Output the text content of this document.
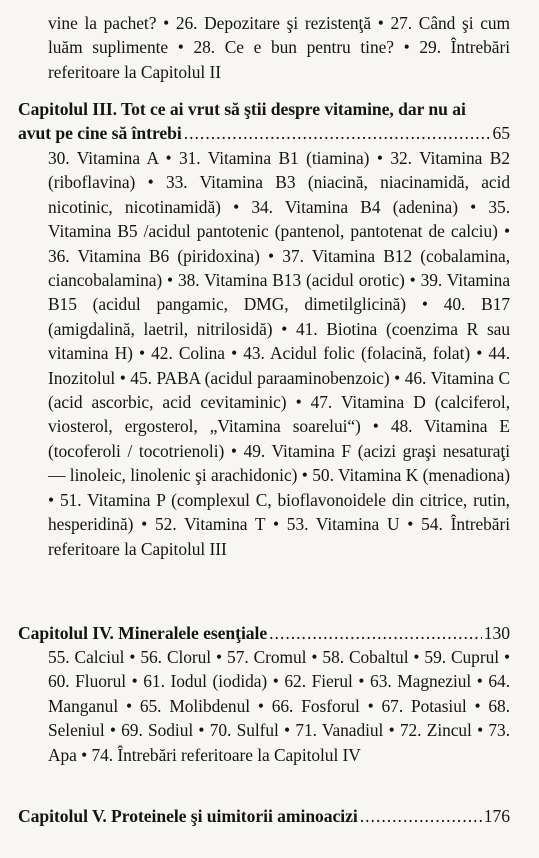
vine la pachet? • 26. Depozitare şi rezistenţă • 27. Când şi cum luăm suplimente • 28. Ce e bun pentru tine? • 29. Întrebări referitoare la Capitolul II
Capitolul III. Tot ce ai vrut să ştii despre vitamine, dar nu ai
avut pe cine să întrebi .....	65
30. Vitamina A • 31. Vitamina B1 (tiamina) • 32. Vitamina B2 (riboflavina) • 33. Vitamina B3 (niacină, niacinamidă, acid nicotinic, nicotinamidă) • 34. Vitamina B4 (adenina) • 35. Vitamina B5 /acidul pantotenic (pantenol, pantotenat de calciu) • 36. Vitamina B6 (piridoxina) • 37. Vitamina B12 (cobalamina, ciancobalamina) • 38. Vitamina B13 (acidul orotic) • 39. Vitamina B15 (acidul pangamic, DMG, dimetilglicină) • 40. B17 (amigdalină, laetril, nitrilosidă) • 41. Biotina (coenzima R sau vitamina H) • 42. Colina • 43. Acidul folic (folacină, folat) • 44. Inozitolul • 45. PABA (acidul paraaminobenzoic) • 46. Vitamina C (acid ascorbic, acid cevitaminic) • 47. Vitamina D (calciferol, viosterol, ergosterol, „Vitamina soarelui“) • 48. Vitamina E (tocoferoli / tocotrienoli) • 49. Vitamina F (acizi graşi nesaturaţi — linoleic, linolenic şi arachidonic) • 50. Vitamina K (menadiona) • 51. Vitamina P (complexul C, bioflavonoidele din citrice, rutin, hesperidină) • 52. Vitamina T • 53. Vitamina U • 54. Întrebări referitoare la Capitolul III
Capitolul IV. Mineralele esenţiale .....	130
55. Calciul • 56. Clorul • 57. Cromul • 58. Cobaltul • 59. Cuprul • 60. Fluorul • 61. Iodul (iodida) • 62. Fierul • 63. Magneziul • 64. Manganul • 65. Molibdenul • 66. Fosforul • 67. Potasiul • 68. Seleniul • 69. Sodiul • 70. Sulful • 71. Vanadiul • 72. Zincul • 73. Apa • 74. Întrebări referitoare la Capitolul IV
Capitolul V. Proteinele şi uimitorii aminoacizi .....	176
